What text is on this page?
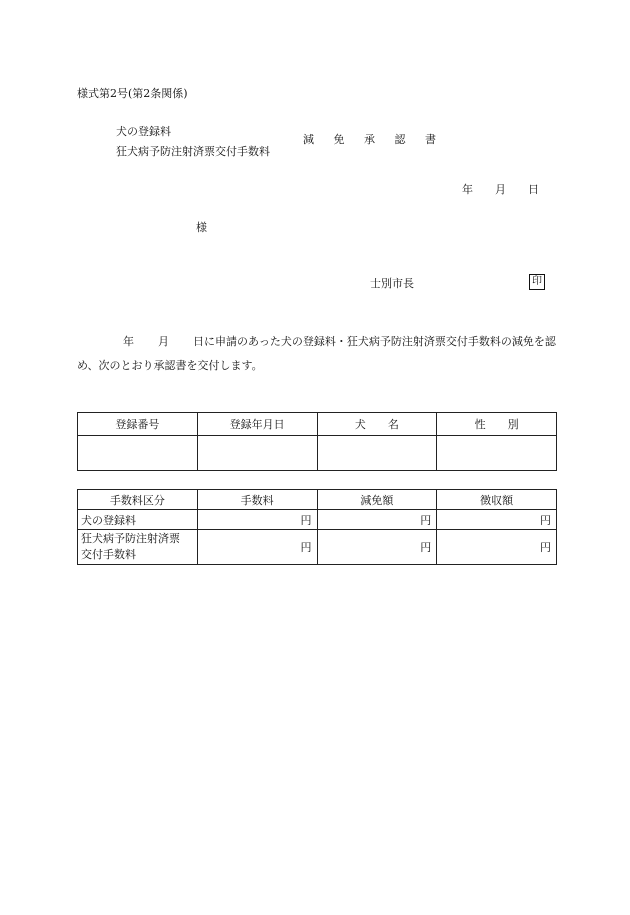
様式第2号(第2条関係)
犬の登録料
狂犬病予防注射済票交付手数料
減 免 承 認 書
年 月 日
様
士別市長	印
年 月 日に申請のあった犬の登録料・狂犬病予防注射済票交付手数料の減免を認め、次のとおり承認書を交付します。
登録番号	登録年月日	犬　　名	性　　別

手数料区分	手数料	減免額	徴収額
犬の登録料	円	円	円

狂犬病予防注射済票
交付手数料	円	円	円
